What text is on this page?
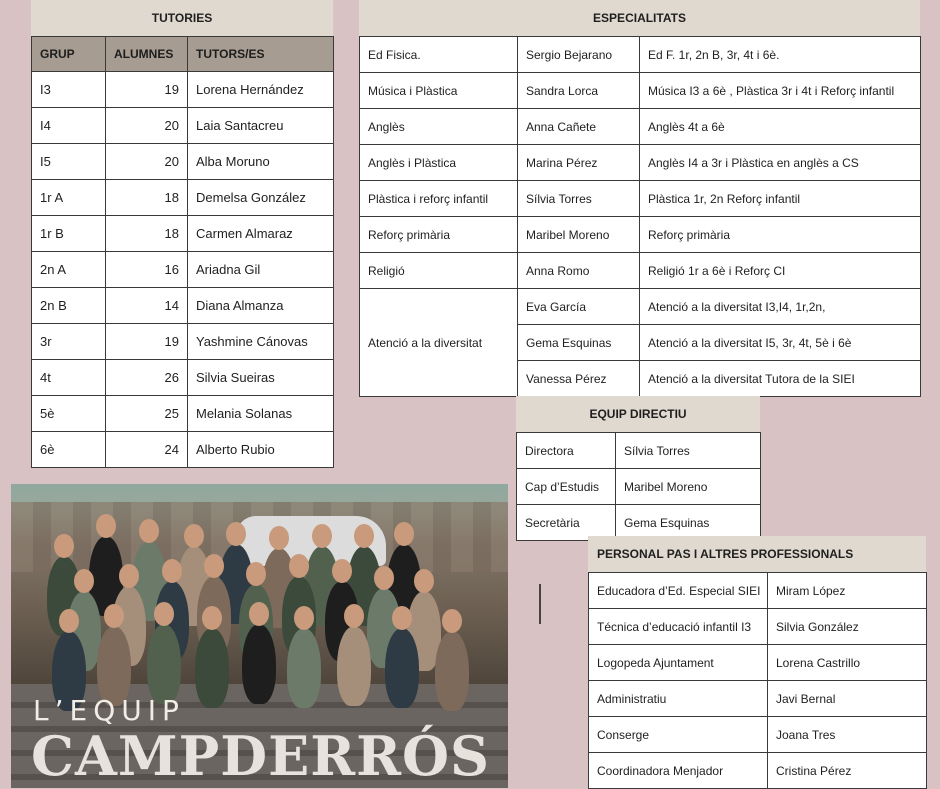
TUTORIES
GRUP	ALUMNES	TUTORS/ES
I3	19	Lorena Hernández
I4	20	Laia Santacreu
I5	20	Alba Moruno
1r A	18	Demelsa González
1r B	18	Carmen Almaraz
2n A	16	Ariadna Gil
2n B	14	Diana Almanza
3r	19	Yashmine Cánovas
4t	26	Silvia Sueiras
5è	25	Melania Solanas
6è	24	Alberto Rubio
ESPECIALITATS
Ed Fisica.	Sergio Bejarano	Ed F. 1r, 2n B, 3r, 4t i 6è.
Música i Plàstica	Sandra Lorca	Música I3 a 6è , Plàstica 3r i 4t i Reforç infantil
Anglès	Anna Cañete	Anglès 4t a 6è
Anglès i Plàstica	Marina Pérez	Anglès I4 a 3r i Plàstica en anglès a CS
Plàstica i reforç infantil	Sílvia Torres	Plàstica 1r, 2n Reforç infantil
Reforç primària	Maribel Moreno	Reforç primària
Religió	Anna Romo	Religió 1r a 6è i Reforç CI
Atenció a la diversitat	Eva García	Atenció a la diversitat I3,I4, 1r,2n,
	Gema Esquinas	Atenció a la diversitat I5, 3r, 4t, 5è i 6è
	Vanessa Pérez	Atenció a la diversitat Tutora de la SIEI
EQUIP DIRECTIU
Directora	Sílvia Torres
Cap d’Estudis	Maribel Moreno
Secretària	Gema Esquinas
L’EQUIP
CAMPDERRÓS
PERSONAL PAS I ALTRES PROFESSIONALS
Educadora d’Ed. Especial SIEI	Miram López
Técnica d’educació infantil I3	Silvia González
Logopeda Ajuntament	Lorena Castrillo
Administratiu	Javi Bernal
Conserge	Joana Tres
Coordinadora Menjador	Cristina Pérez
